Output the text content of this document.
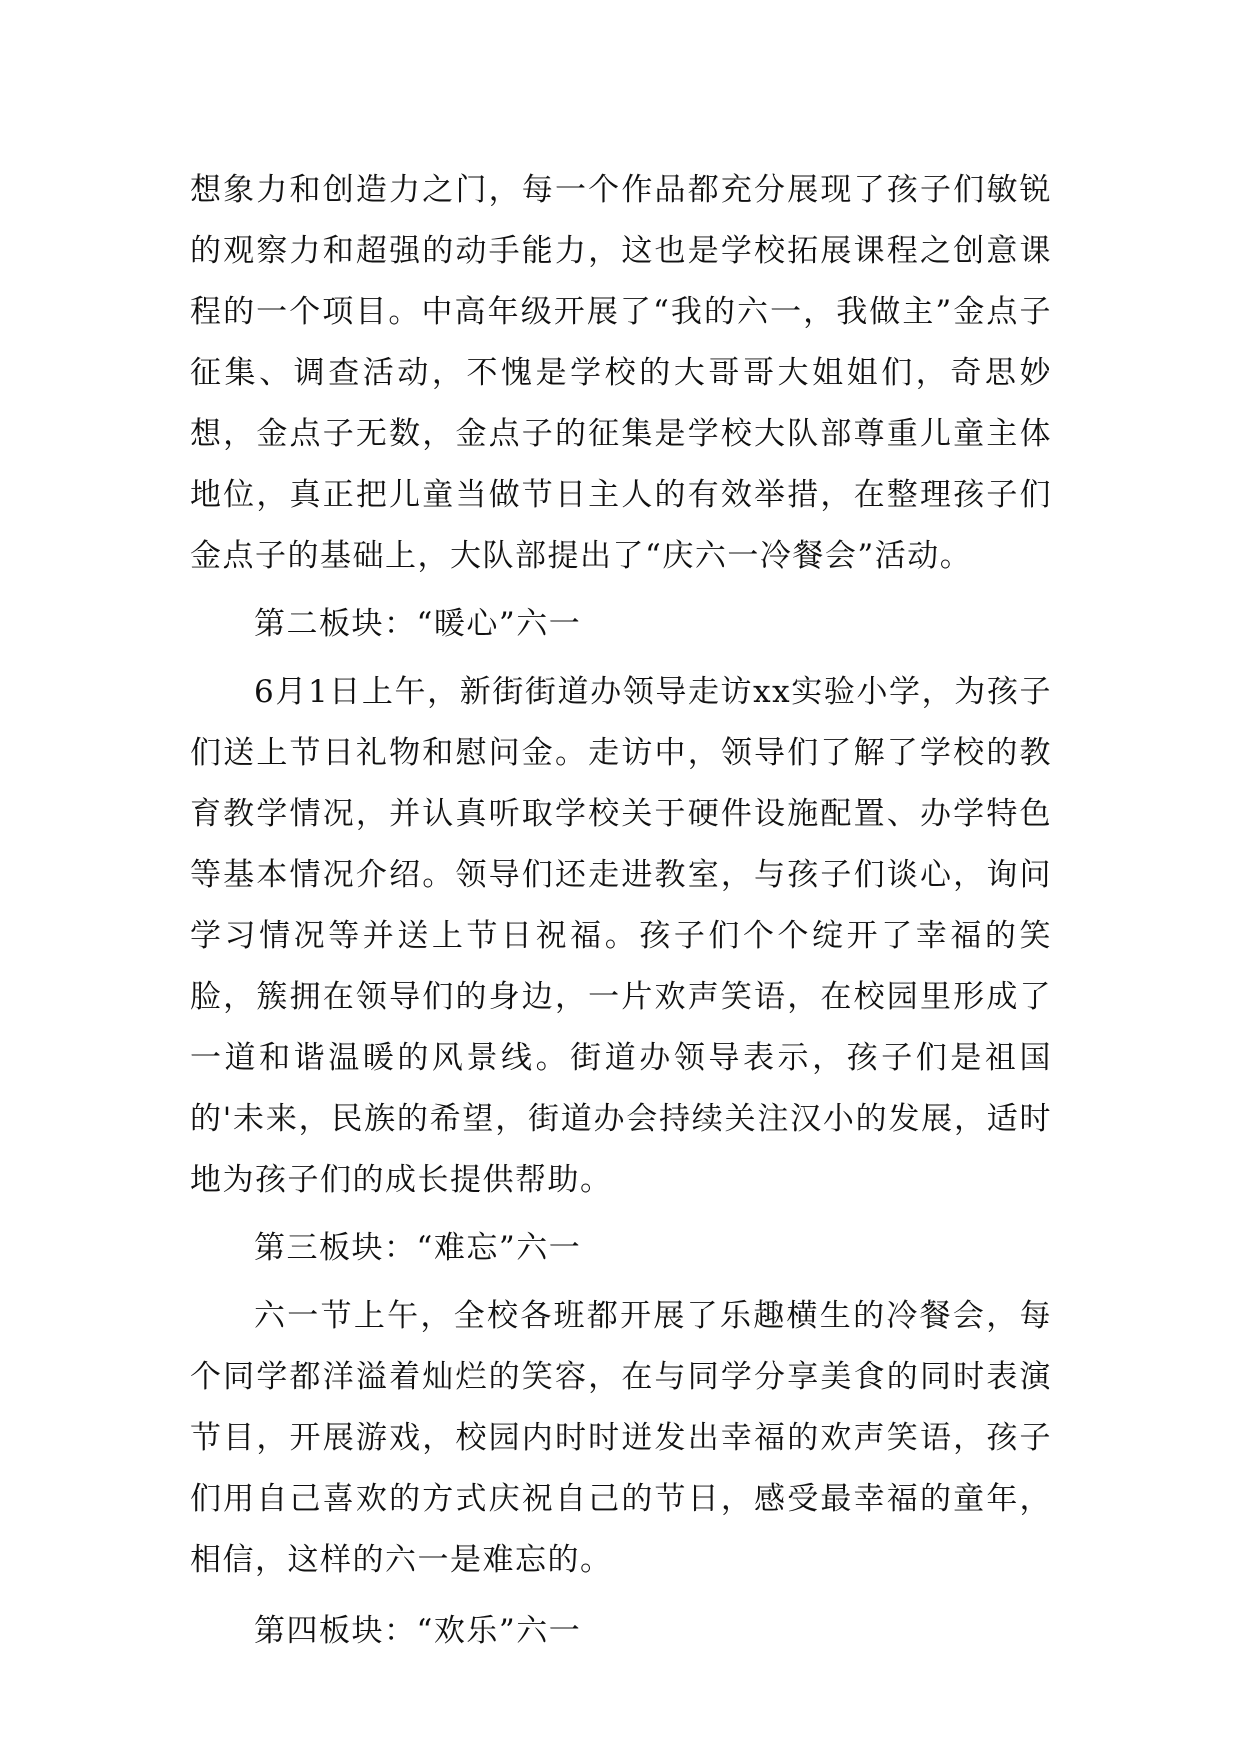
想象力和创造力之门，每一个作品都充分展现了孩子们敏锐的观察力和超强的动手能力，这也是学校拓展课程之创意课程的一个项目。中高年级开展了“我的六一，我做主”金点子征集、调查活动，不愧是学校的大哥哥大姐姐们，奇思妙想，金点子无数，金点子的征集是学校大队部尊重儿童主体地位，真正把儿童当做节日主人的有效举措，在整理孩子们金点子的基础上，大队部提出了“庆六一冷餐会”活动。

第二板块：“暖心”六一

6月1日上午，新街街道办领导走访xx实验小学，为孩子们送上节日礼物和慰问金。走访中，领导们了解了学校的教育教学情况，并认真听取学校关于硬件设施配置、办学特色等基本情况介绍。领导们还走进教室，与孩子们谈心，询问学习情况等并送上节日祝福。孩子们个个绽开了幸福的笑脸，簇拥在领导们的身边，一片欢声笑语，在校园里形成了一道和谐温暖的风景线。街道办领导表示，孩子们是祖国的'未来，民族的希望，街道办会持续关注汉小的发展，适时地为孩子们的成长提供帮助。

第三板块：“难忘”六一

六一节上午，全校各班都开展了乐趣横生的冷餐会，每个同学都洋溢着灿烂的笑容，在与同学分享美食的同时表演节目，开展游戏，校园内时时迸发出幸福的欢声笑语，孩子们用自己喜欢的方式庆祝自己的节日，感受最幸福的童年，相信，这样的六一是难忘的。

第四板块：“欢乐”六一
